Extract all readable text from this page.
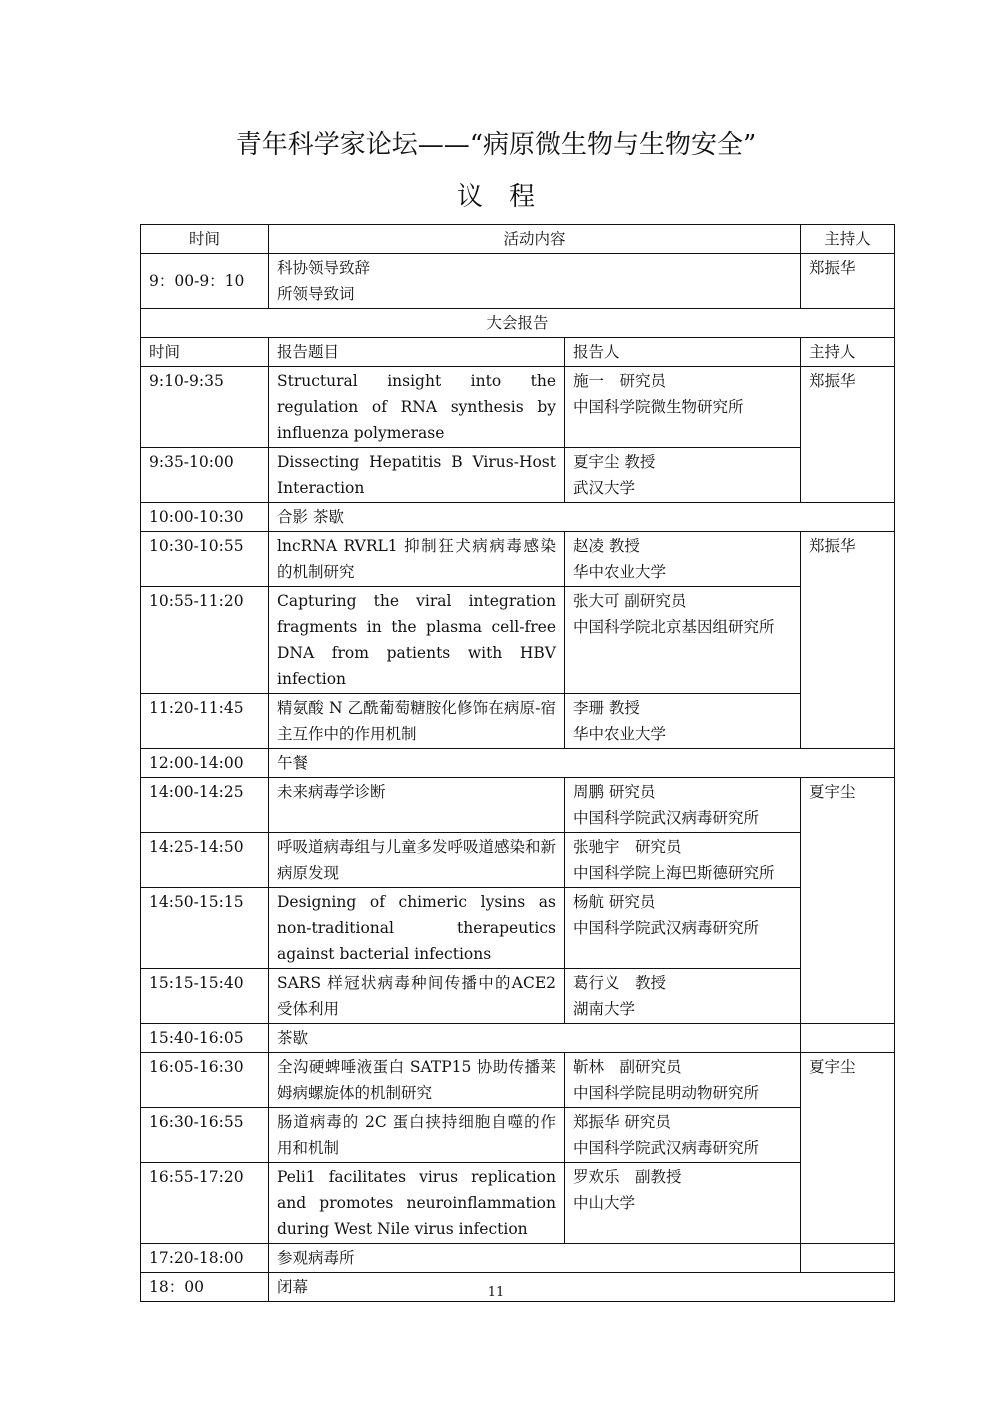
青年科学家论坛——“病原微生物与生物安全”
议　程
时间	活动内容		主持人
9：00-9：10	科协领导致辞
所领导致词		郑振华
大会报告			
时间	报告题目	报告人	主持人
9:10-9:35	Structural insight into the regulation of RNA synthesis by influenza polymerase	施一　研究员
中国科学院微生物研究所	郑振华
9:35-10:00	Dissecting Hepatitis B Virus-Host Interaction	夏宇尘 教授
武汉大学	

10:00-10:30	合影 茶歇		
10:30-10:55	lncRNA RVRL1 抑制狂犬病病毒感染的机制研究	赵凌 教授
华中农业大学	郑振华
10:55-11:20	Capturing the viral integration fragments in the plasma cell-free DNA from patients with HBV infection	张大可 副研究员
中国科学院北京基因组研究所	

11:20-11:45	精氨酸 N 乙酰葡萄糖胺化修饰在病原-宿主互作中的作用机制	李珊 教授
华中农业大学	

12:00-14:00	午餐		
14:00-14:25	未来病毒学诊断	周鹏 研究员
中国科学院武汉病毒研究所	夏宇尘
14:25-14:50	呼吸道病毒组与儿童多发呼吸道感染和新病原发现	张驰宇　研究员
中国科学院上海巴斯德研究所	

14:50-15:15	Designing of chimeric lysins as non-traditional therapeutics against bacterial infections	杨航 研究员
中国科学院武汉病毒研究所	

15:15-15:40	SARS 样冠状病毒种间传播中的ACE2 受体利用	葛行义　教授
湖南大学	

15:40-16:05	茶歇		
16:05-16:30	全沟硬蜱唾液蛋白 SATP15 协助传播莱姆病螺旋体的机制研究	靳林　副研究员
中国科学院昆明动物研究所	夏宇尘
16:30-16:55	肠道病毒的 2C 蛋白挟持细胞自噬的作用和机制	郑振华 研究员
中国科学院武汉病毒研究所	

16:55-17:20	Peli1 facilitates virus replication and promotes neuroinflammation during West Nile virus infection	罗欢乐　副教授
中山大学	

17:20-18:00	参观病毒所		
18：00	闭幕			11
